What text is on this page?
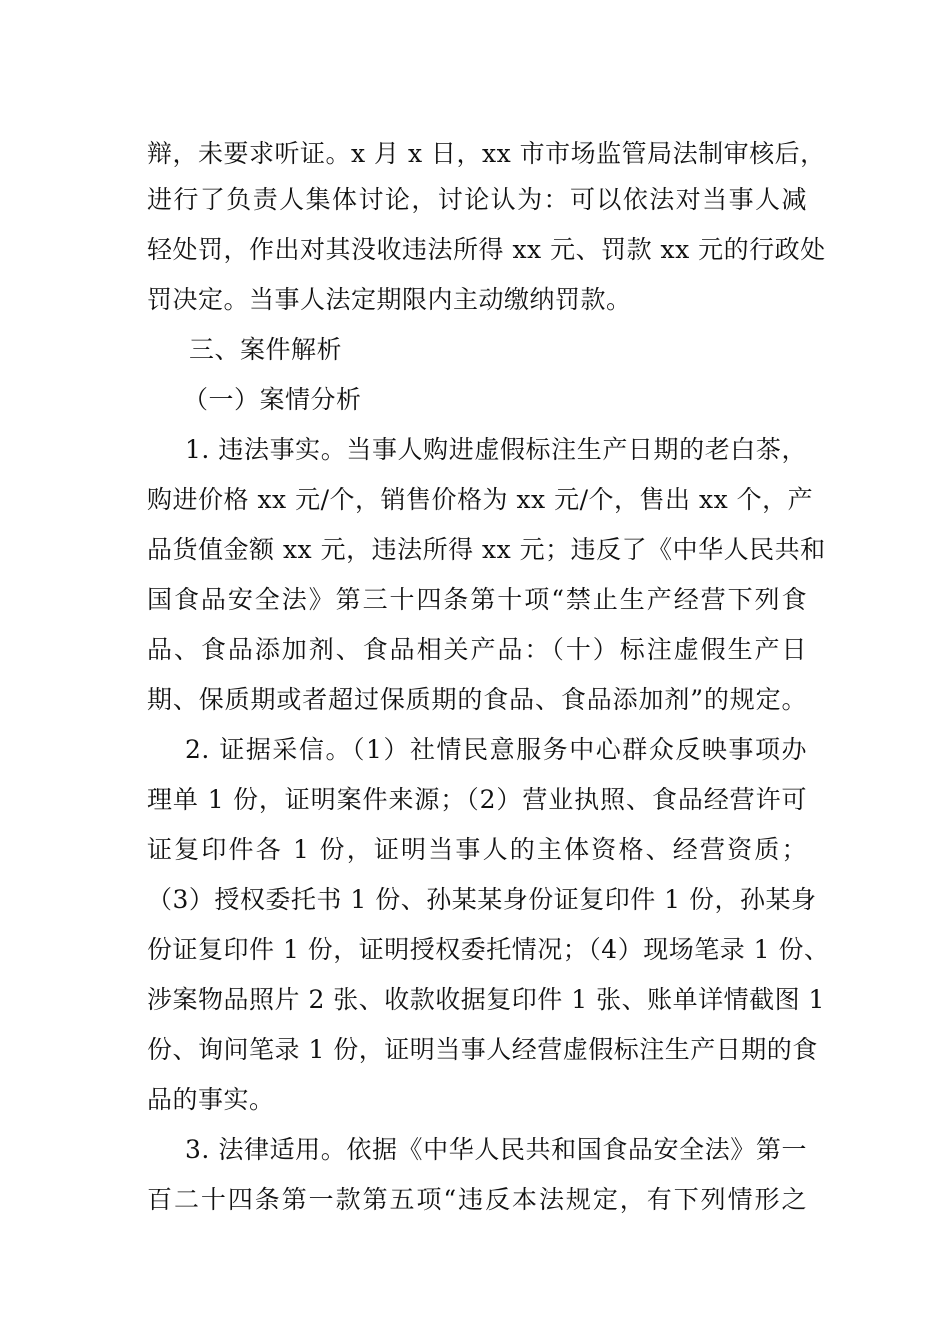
辩，未要求听证。x 月 x 日，xx 市市场监管局法制审核后，
进行了负责人集体讨论，讨论认为：可以依法对当事人减
轻处罚，作出对其没收违法所得 xx 元、罚款 xx 元的行政处
罚决定。当事人法定期限内主动缴纳罚款。
三、案件解析
（一）案情分析
1. 违法事实。当事人购进虚假标注生产日期的老白茶，
购进价格 xx 元/个，销售价格为 xx 元/个，售出 xx 个，产
品货值金额 xx 元，违法所得 xx 元；违反了《中华人民共和
国食品安全法》第三十四条第十项“禁止生产经营下列食
品、食品添加剂、食品相关产品：（十）标注虚假生产日
期、保质期或者超过保质期的食品、食品添加剂”的规定。
2. 证据采信。（1）社情民意服务中心群众反映事项办
理单 1 份，证明案件来源；（2）营业执照、食品经营许可
证复印件各 1 份，证明当事人的主体资格、经营资质；
（3）授权委托书 1 份、孙某某身份证复印件 1 份，孙某身
份证复印件 1 份，证明授权委托情况；（4）现场笔录 1 份、
涉案物品照片 2 张、收款收据复印件 1 张、账单详情截图 1
份、询问笔录 1 份，证明当事人经营虚假标注生产日期的食
品的事实。
3. 法律适用。依据《中华人民共和国食品安全法》第一
百二十四条第一款第五项“违反本法规定，有下列情形之
